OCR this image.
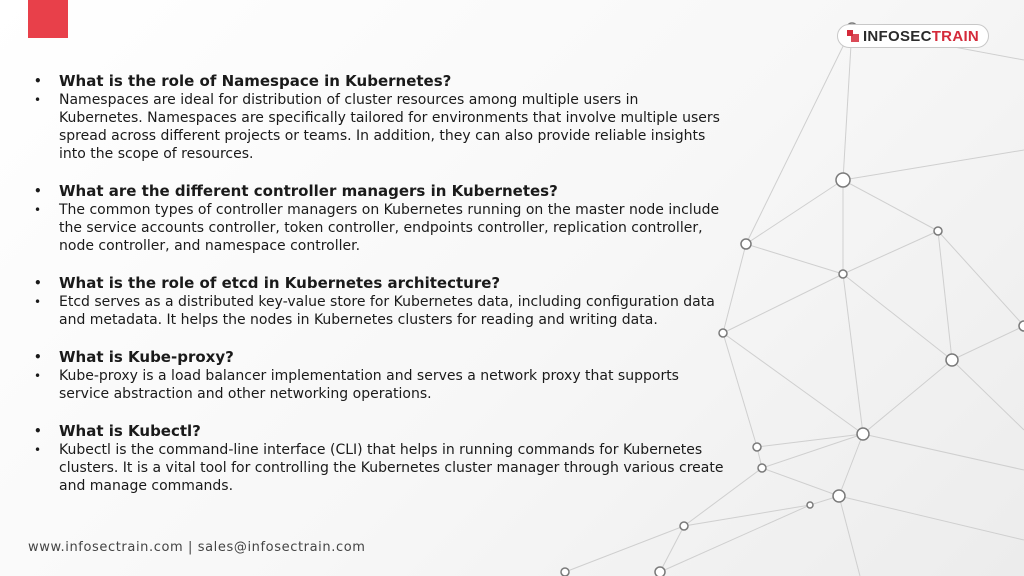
INFOSECTRAIN
• What is the role of Namespace in Kubernetes?
• Namespaces are ideal for distribution of cluster resources among multiple users in Kubernetes. Namespaces are specifically tailored for environments that involve multiple users spread across different projects or teams. In addition, they can also provide reliable insights into the scope of resources.
• What are the different controller managers in Kubernetes?
• The common types of controller managers on Kubernetes running on the master node include the service accounts controller, token controller, endpoints controller, replication controller, node controller, and namespace controller.
• What is the role of etcd in Kubernetes architecture?
• Etcd serves as a distributed key-value store for Kubernetes data, including configuration data and metadata. It helps the nodes in Kubernetes clusters for reading and writing data.
• What is Kube-proxy?
• Kube-proxy is a load balancer implementation and serves a network proxy that supports service abstraction and other networking operations.
• What is Kubectl?
• Kubectl is the command-line interface (CLI) that helps in running commands for Kubernetes clusters. It is a vital tool for controlling the Kubernetes cluster manager through various create and manage commands.
www.infosectrain.com | sales@infosectrain.com
